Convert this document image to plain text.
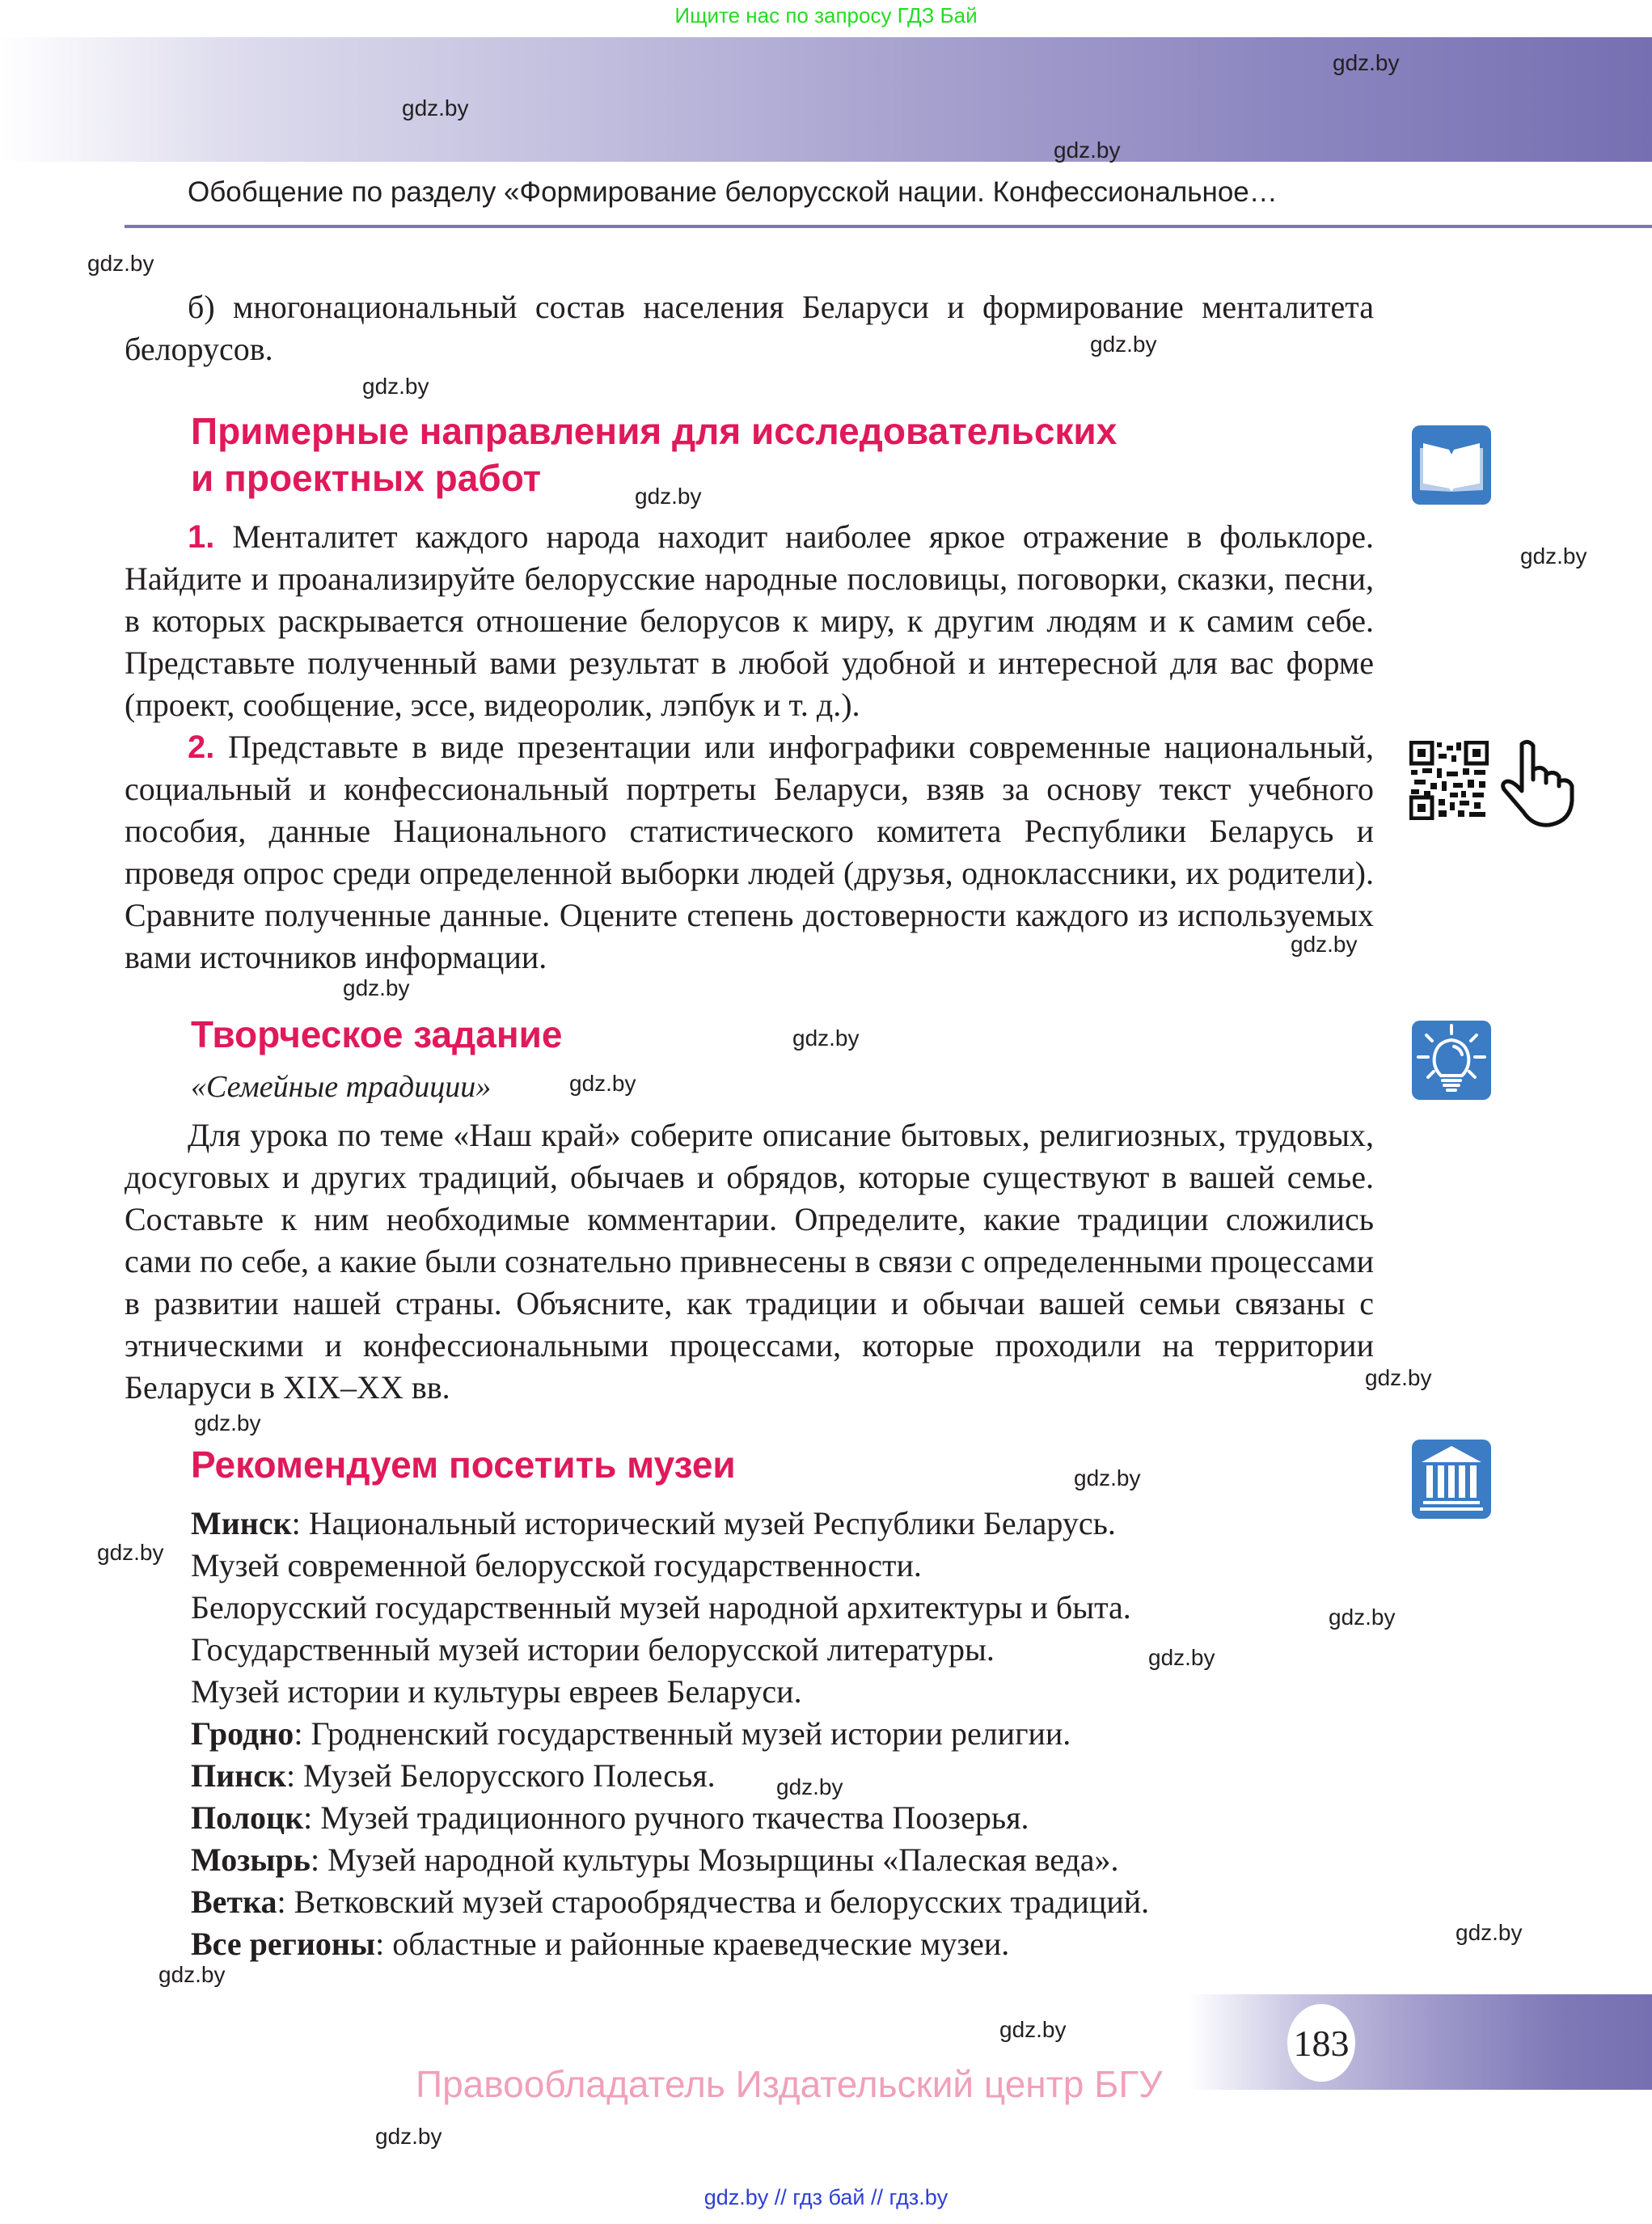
Ищите нас по запросу ГДЗ Бай
Обобщение по разделу «Формирование белорусской нации. Конфессиональное…
gdz.by
gdz.by
gdz.by
gdz.by
gdz.by
gdz.by
gdz.by
gdz.by
gdz.by
gdz.by
gdz.by
gdz.by
gdz.by
gdz.by
gdz.by
gdz.by
gdz.by
gdz.by
gdz.by
gdz.by
gdz.by
gdz.by
gdz.by
б) многонациональный состав населения Беларуси и формирование менталитета белорусов.
Примерные направления для исследовательских
и проектных работ
1. Менталитет каждого народа находит наиболее яркое отражение в фольклоре. Найдите и проанализируйте белорусские народные пословицы, поговорки, сказки, песни, в которых раскрывается отношение белорусов к миру, к другим людям и к самим себе. Представьте полученный вами результат в любой удобной и интересной для вас форме (проект, сообщение, эссе, видеоролик, лэпбук и т. д.).
2. Представьте в виде презентации или инфографики современные национальный, социальный и конфессиональный портреты Беларуси, взяв за основу текст учебного пособия, данные Национального статистического комитета Республики Беларусь и проведя опрос среди определенной выборки людей (друзья, одноклассники, их родители). Сравните полученные данные. Оцените степень достоверности каждого из используемых вами источников информации.
Творческое задание
«Семейные традиции»
Для урока по теме «Наш край» соберите описание бытовых, религиозных, трудовых, досуговых и других традиций, обычаев и обрядов, которые существуют в вашей семье. Составьте к ним необходимые комментарии. Определите, какие традиции сложились сами по себе, а какие были сознательно привнесены в связи с определенными процессами в развитии нашей страны. Объясните, как традиции и обычаи вашей семьи связаны с этническими и конфессиональными процессами, которые проходили на территории Беларуси в XIX–XX вв.
Рекомендуем посетить музеи
Минск: Национальный исторический музей Республики Беларусь.
Музей современной белорусской государственности.
Белорусский государственный музей народной архитектуры и быта.
Государственный музей истории белорусской литературы.
Музей истории и культуры евреев Беларуси.
Гродно: Гродненский государственный музей истории религии.
Пинск: Музей Белорусского Полесья.
Полоцк: Музей традиционного ручного ткачества Поозерья.
Мозырь: Музей народной культуры Мозырщины «Палеская веда».
Ветка: Ветковский музей старообрядчества и белорусских традиций.
Все регионы: областные и районные краеведческие музеи.
183
Правообладатель Издательский центр БГУ
gdz.by // гдз бай // гдз.by
